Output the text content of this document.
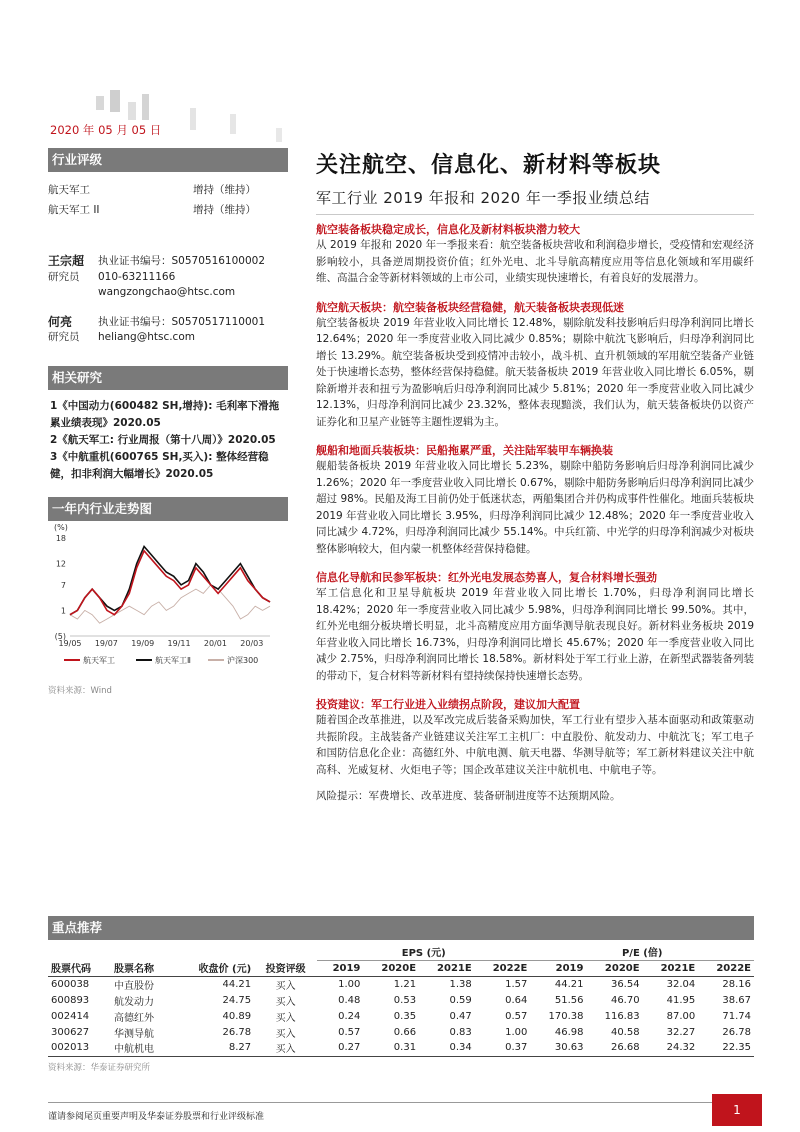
2020 年 05 月 05 日
行业评级
航天军工	增持（维持）
航天军工 II	增持（维持）
王宗超
研究员
执业证书编号：S0570516100002
010-63211166
wangzongchao@htsc.com
何亮
研究员
执业证书编号：S0570517110001
heliang@htsc.com
相关研究
1《中国动力(600482 SH,增持): 毛利率下滑拖累业绩表现》2020.05
2《航天军工: 行业周报（第十八周）》2020.05
3《中航重机(600765 SH,买入): 整体经营稳健，扣非利润大幅增长》2020.05
一年内行业走势图
(%)
18
12
7
1
(5)
19/05 19/07 19/09 19/11 20/01 20/03
航天军工	航天军工Ⅱ	沪深300
资料来源：Wind
关注航空、信息化、新材料等板块
军工行业 2019 年报和 2020 年一季报业绩总结
航空装备板块稳定成长，信息化及新材料板块潜力较大
从 2019 年报和 2020 年一季报来看：航空装备板块营收和利润稳步增长，受疫情和宏观经济影响较小，具备逆周期投资价值；红外光电、北斗导航高精度应用等信息化领域和军用碳纤维、高温合金等新材料领域的上市公司，业绩实现快速增长，有着良好的发展潜力。
航空航天板块：航空装备板块经营稳健，航天装备板块表现低迷
航空装备板块 2019 年营业收入同比增长 12.48%，剔除航发科技影响后归母净利润同比增长 12.64%；2020 年一季度营业收入同比减少 0.85%；剔除中航沈飞影响后，归母净利润同比增长 13.29%。航空装备板块受到疫情冲击较小，战斗机、直升机领域的军用航空装备产业链处于快速增长态势，整体经营保持稳健。航天装备板块 2019 年营业收入同比增长 6.05%，剔除新增并表和扭亏为盈影响后归母净利润同比减少 5.81%；2020 年一季度营业收入同比减少 12.13%，归母净利润同比减少 23.32%，整体表现黯淡，我们认为，航天装备板块仍以资产证券化和卫星产业链等主题性逻辑为主。
舰船和地面兵装板块：民船拖累严重，关注陆军装甲车辆换装
舰船装备板块 2019 年营业收入同比增长 5.23%，剔除中船防务影响后归母净利润同比减少 1.26%；2020 年一季度营业收入同比增长 0.67%，剔除中船防务影响后归母净利润同比减少超过 98%。民船及海工目前仍处于低迷状态，两船集团合并仍构成事件性催化。地面兵装板块 2019 年营业收入同比增长 3.95%，归母净利润同比减少 12.48%；2020 年一季度营业收入同比减少 4.72%，归母净利润同比减少 55.14%。中兵红箭、中光学的归母净利润减少对板块整体影响较大，但内蒙一机整体经营保持稳健。
信息化导航和民参军板块：红外光电发展态势喜人，复合材料增长强劲
军工信息化和卫星导航板块 2019 年营业收入同比增长 1.70%，归母净利润同比增长 18.42%；2020 年一季度营业收入同比减少 5.98%，归母净利润同比增长 99.50%。其中，红外光电细分板块增长明显，北斗高精度应用方面华测导航表现良好。新材料业务板块 2019 年营业收入同比增长 16.73%，归母净利润同比增长 45.67%；2020 年一季度营业收入同比减少 2.75%，归母净利润同比增长 18.58%。新材料处于军工行业上游，在新型武器装备列装的带动下，复合材料等新材料有望持续保持快速增长态势。
投资建议：军工行业进入业绩拐点阶段，建议加大配置
随着国企改革推进，以及军改完成后装备采购加快，军工行业有望步入基本面驱动和政策驱动共振阶段。主战装备产业链建议关注军工主机厂：中直股份、航发动力、中航沈飞；军工电子和国防信息化企业：高德红外、中航电测、航天电器、华测导航等；军工新材料建议关注中航高科、光威复材、火炬电子等；国企改革建议关注中航机电、中航电子等。
风险提示：军费增长、改革进度、装备研制进度等不达预期风险。
重点推荐
				EPS (元)				P/E (倍)			
股票代码	股票名称	收盘价 (元)	投资评级	2019	2020E	2021E	2022E	2019	2020E	2021E	2022E
600038	中直股份	44.21	买入	1.00	1.21	1.38	1.57	44.21	36.54	32.04	28.16
600893	航发动力	24.75	买入	0.48	0.53	0.59	0.64	51.56	46.70	41.95	38.67
002414	高德红外	40.89	买入	0.24	0.35	0.47	0.57	170.38	116.83	87.00	71.74
300627	华测导航	26.78	买入	0.57	0.66	0.83	1.00	46.98	40.58	32.27	26.78
002013	中航机电	8.27	买入	0.27	0.31	0.34	0.37	30.63	26.68	24.32	22.35
资料来源：华泰证券研究所
谨请参阅尾页重要声明及华泰证券股票和行业评级标准	1
